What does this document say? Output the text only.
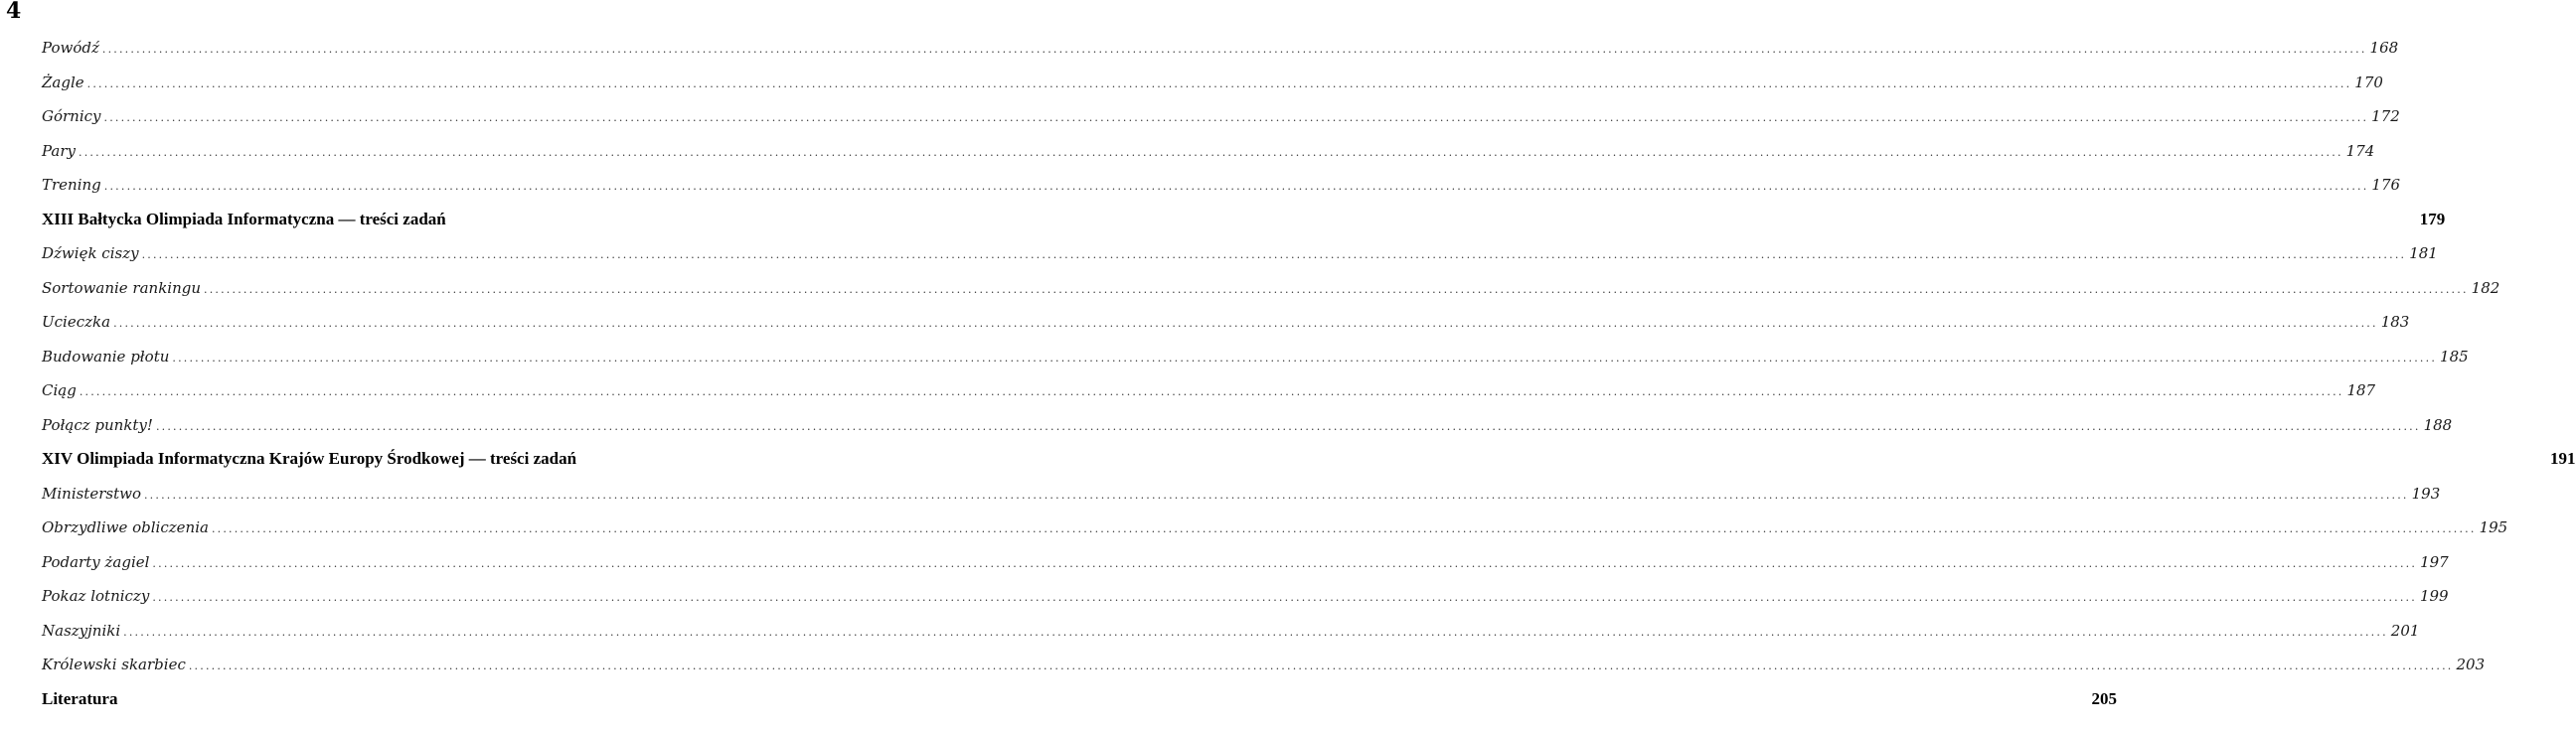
4
Powódź ................................................................................................................................................................................................................................................................................................................................................................................................................ 168
Żagle ................................................................................................................................................................................................................................................................................................................................................................................................................ 170
Górnicy ................................................................................................................................................................................................................................................................................................................................................................................................................ 172
Pary ................................................................................................................................................................................................................................................................................................................................................................................................................ 174
Trening ................................................................................................................................................................................................................................................................................................................................................................................................................ 176
XIII Bałtycka Olimpiada Informatyczna — treści zadań	179
Dźwięk ciszy ................................................................................................................................................................................................................................................................................................................................................................................................................ 181
Sortowanie rankingu ................................................................................................................................................................................................................................................................................................................................................................................................................ 182
Ucieczka ................................................................................................................................................................................................................................................................................................................................................................................................................ 183
Budowanie płotu ................................................................................................................................................................................................................................................................................................................................................................................................................ 185
Ciąg ................................................................................................................................................................................................................................................................................................................................................................................................................ 187
Połącz punkty! ................................................................................................................................................................................................................................................................................................................................................................................................................ 188
XIV Olimpiada Informatyczna Krajów Europy Środkowej — treści zadań	191
Ministerstwo ................................................................................................................................................................................................................................................................................................................................................................................................................ 193
Obrzydliwe obliczenia ................................................................................................................................................................................................................................................................................................................................................................................................................ 195
Podarty żagiel ................................................................................................................................................................................................................................................................................................................................................................................................................ 197
Pokaz lotniczy ................................................................................................................................................................................................................................................................................................................................................................................................................ 199
Naszyjniki ................................................................................................................................................................................................................................................................................................................................................................................................................ 201
Królewski skarbiec ................................................................................................................................................................................................................................................................................................................................................................................................................ 203
Literatura	205
